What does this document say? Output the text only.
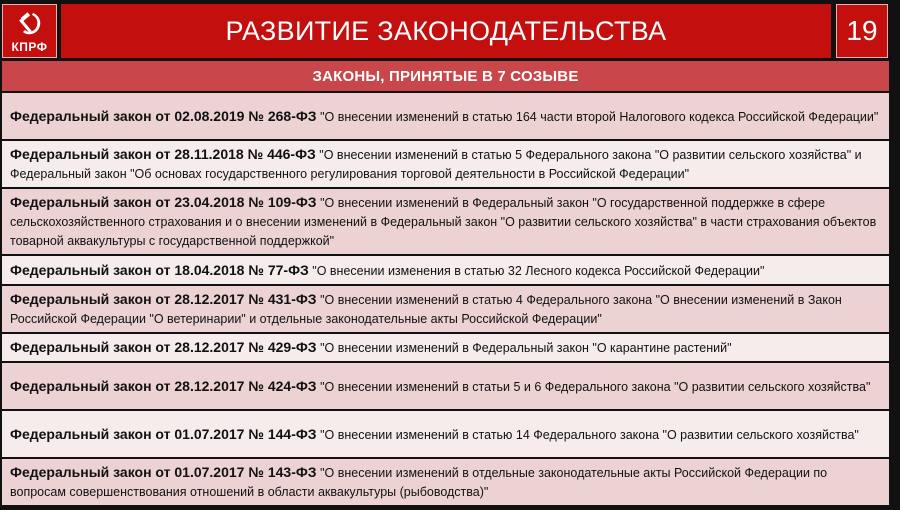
КПРФ
РАЗВИТИЕ ЗАКОНОДАТЕЛЬСТВА	19
ЗАКОНЫ, ПРИНЯТЫЕ В 7 СОЗЫВЕ
Федеральный закон от 02.08.2019 № 268-ФЗ "О внесении изменений в статью 164 части второй Налогового кодекса Российской Федерации"
Федеральный закон от 28.11.2018 № 446-ФЗ "О внесении изменений в статью 5 Федерального закона "О развитии сельского хозяйства" и Федеральный закон "Об основах государственного регулирования торговой деятельности в Российской Федерации"
Федеральный закон от 23.04.2018 № 109-ФЗ "О внесении изменений в Федеральный закон "О государственной поддержке в сфере сельскохозяйственного страхования и о внесении изменений в Федеральный закон "О развитии сельского хозяйства" в части страхования объектов товарной аквакультуры с государственной поддержкой"
Федеральный закон от 18.04.2018 № 77-ФЗ "О внесении изменения в статью 32 Лесного кодекса Российской Федерации"
Федеральный закон от 28.12.2017 № 431-ФЗ "О внесении изменений в статью 4 Федерального закона "О внесении изменений в Закон Российской Федерации "О ветеринарии" и отдельные законодательные акты Российской Федерации"
Федеральный закон от 28.12.2017 № 429-ФЗ "О внесении изменений в Федеральный закон "О карантине растений"
Федеральный закон от 28.12.2017 № 424-ФЗ "О внесении изменений в статьи 5 и 6 Федерального закона "О развитии сельского хозяйства"
Федеральный закон от 01.07.2017 № 144-ФЗ "О внесении изменений в статью 14 Федерального закона "О развитии сельского хозяйства"
Федеральный закон от 01.07.2017 № 143-ФЗ "О внесении изменений в отдельные законодательные акты Российской Федерации по вопросам совершенствования отношений в области аквакультуры (рыбоводства)"
